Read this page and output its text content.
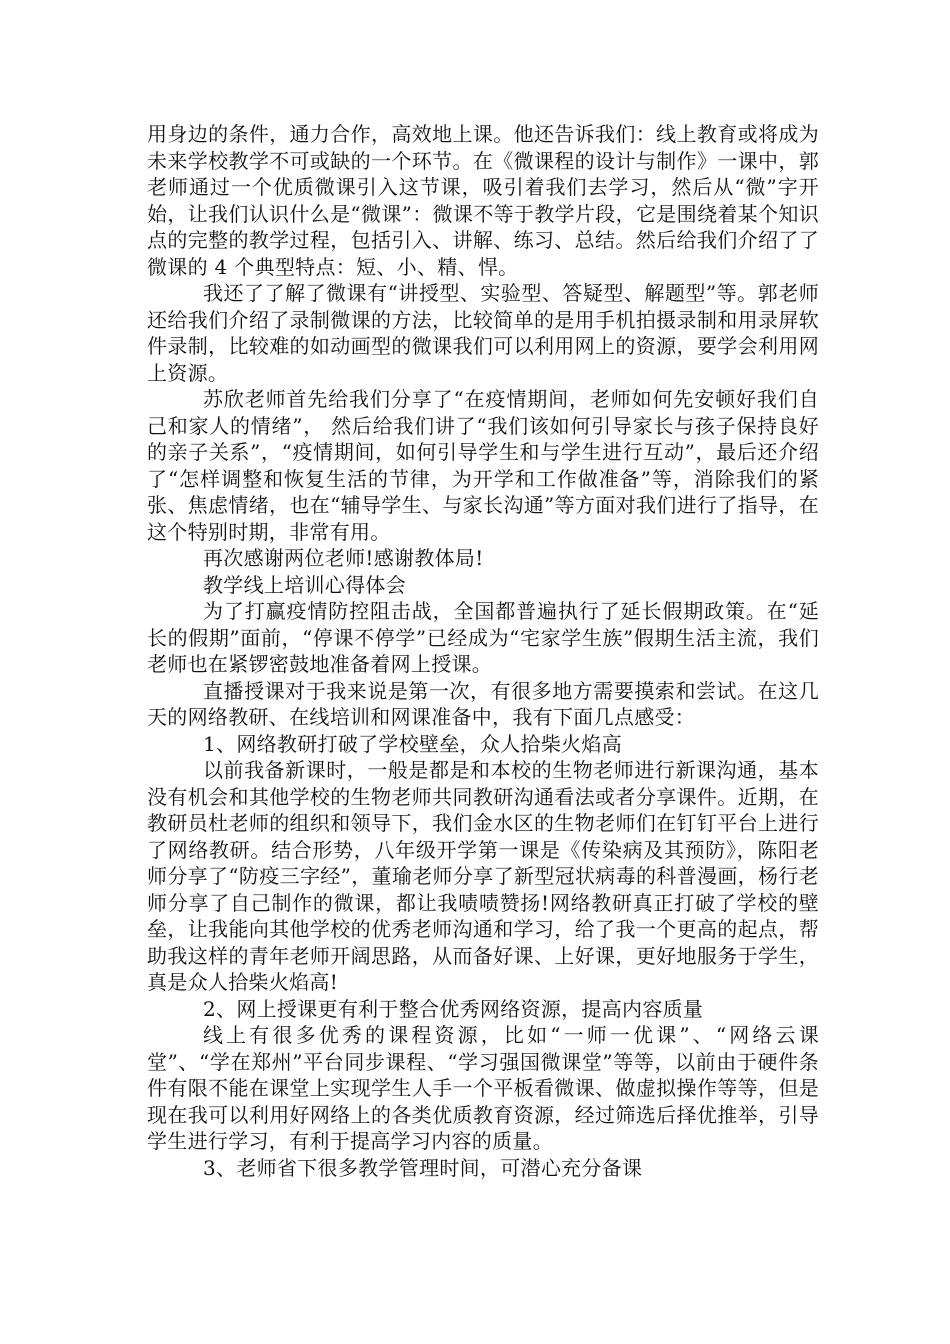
用身边的条件，通力合作，高效地上课。他还告诉我们：线上教育或将成为未来学校教学不可或缺的一个环节。在《微课程的设计与制作》一课中，郭老师通过一个优质微课引入这节课，吸引着我们去学习，然后从“微”字开始，让我们认识什么是“微课”：微课不等于教学片段，它是围绕着某个知识点的完整的教学过程，包括引入、讲解、练习、总结。然后给我们介绍了了微课的 4 个典型特点：短、小、精、悍。

我还了了解了微课有“讲授型、实验型、答疑型、解题型”等。郭老师还给我们介绍了录制微课的方法，比较简单的是用手机拍摄录制和用录屏软件录制，比较难的如动画型的微课我们可以利用网上的资源，要学会利用网上资源。

苏欣老师首先给我们分享了“在疫情期间，老师如何先安顿好我们自己和家人的情绪”， 然后给我们讲了“我们该如何引导家长与孩子保持良好的亲子关系”，“疫情期间，如何引导学生和与学生进行互动”，最后还介绍了“怎样调整和恢复生活的节律，为开学和工作做准备”等，消除我们的紧张、焦虑情绪，也在“辅导学生、与家长沟通”等方面对我们进行了指导，在这个特别时期，非常有用。

再次感谢两位老师!感谢教体局!

教学线上培训心得体会

为了打赢疫情防控阻击战，全国都普遍执行了延长假期政策。在“延长的假期”面前，“停课不停学”已经成为“宅家学生族”假期生活主流，我们老师也在紧锣密鼓地准备着网上授课。

直播授课对于我来说是第一次，有很多地方需要摸索和尝试。在这几天的网络教研、在线培训和网课准备中，我有下面几点感受：

1、网络教研打破了学校壁垒，众人拾柴火焰高

以前我备新课时，一般是都是和本校的生物老师进行新课沟通，基本没有机会和其他学校的生物老师共同教研沟通看法或者分享课件。近期，在教研员杜老师的组织和领导下，我们金水区的生物老师们在钉钉平台上进行了网络教研。结合形势，八年级开学第一课是《传染病及其预防》，陈阳老师分享了“防疫三字经”，董瑜老师分享了新型冠状病毒的科普漫画，杨行老师分享了自己制作的微课，都让我啧啧赞扬!网络教研真正打破了学校的壁垒，让我能向其他学校的优秀老师沟通和学习，给了我一个更高的起点，帮助我这样的青年老师开阔思路，从而备好课、上好课，更好地服务于学生，真是众人拾柴火焰高!

2、网上授课更有利于整合优秀网络资源，提高内容质量

线上有很多优秀的课程资源，比如“一师一优课”、“网络云课堂”、“学在郑州”平台同步课程、“学习强国微课堂”等等，以前由于硬件条件有限不能在课堂上实现学生人手一个平板看微课、做虚拟操作等等，但是现在我可以利用好网络上的各类优质教育资源，经过筛选后择优推举，引导学生进行学习，有利于提高学习内容的质量。

3、老师省下很多教学管理时间，可潜心充分备课
